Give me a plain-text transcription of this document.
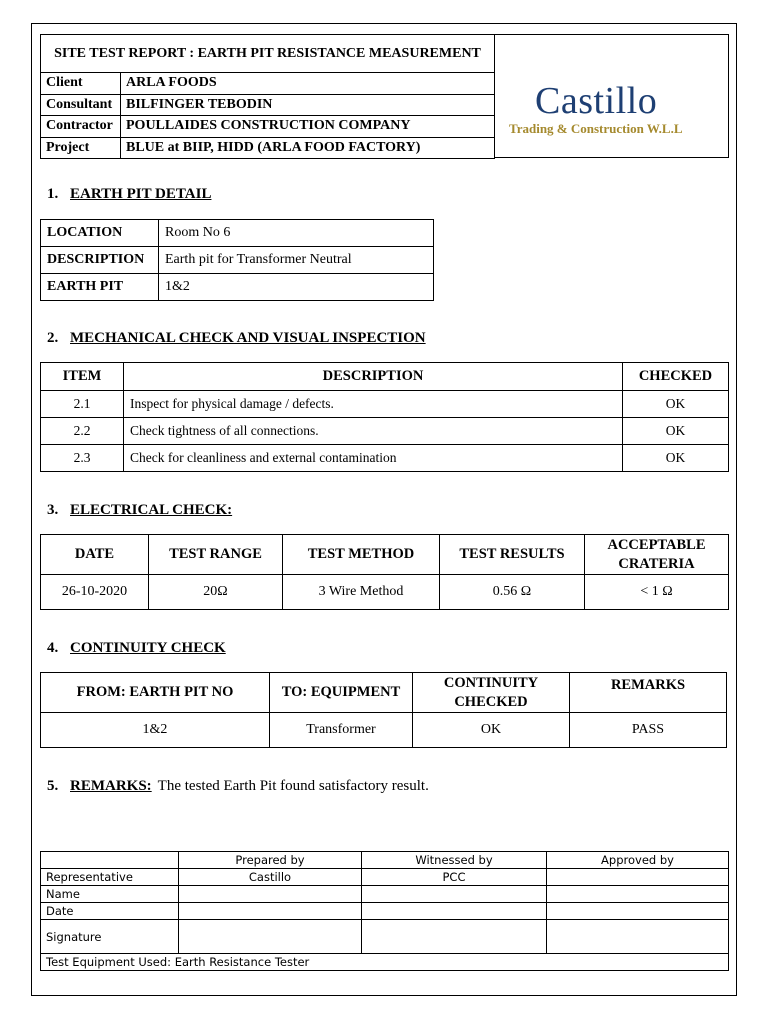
SITE TEST REPORT : EARTH PIT RESISTANCE MEASUREMENT	
Client	ARLA FOODS
Consultant	BILFINGER TEBODIN
Contractor	POULLAIDES CONSTRUCTION COMPANY
Project	BLUE at BIIP, HIDD (ARLA FOOD FACTORY)
Castillo
Trading & Construction W.L.L
1. EARTH PIT DETAIL
LOCATION	Room No 6
DESCRIPTION	Earth pit for Transformer Neutral
EARTH PIT	1&2
2. MECHANICAL CHECK AND VISUAL INSPECTION
ITEM	DESCRIPTION	CHECKED
2.1	Inspect for physical damage / defects.	OK
2.2	Check tightness of all connections.	OK
2.3	Check for cleanliness and external contamination	OK
3. ELECTRICAL CHECK:
DATE	TEST RANGE	TEST METHOD	TEST RESULTS	ACCEPTABLE CRATERIA
26-10-2020	20Ω	3 Wire Method	0.56 Ω	< 1 Ω
4. CONTINUITY CHECK
FROM: EARTH PIT NO	TO: EQUIPMENT	CONTINUITY CHECKED	REMARKS
1&2	Transformer	OK	PASS
5. REMARKS: The tested Earth Pit found satisfactory result.
	Prepared by	Witnessed by	Approved by
Representative	Castillo	PCC	
Name			
Date			
Signature			
Test Equipment Used: Earth Resistance Tester			
